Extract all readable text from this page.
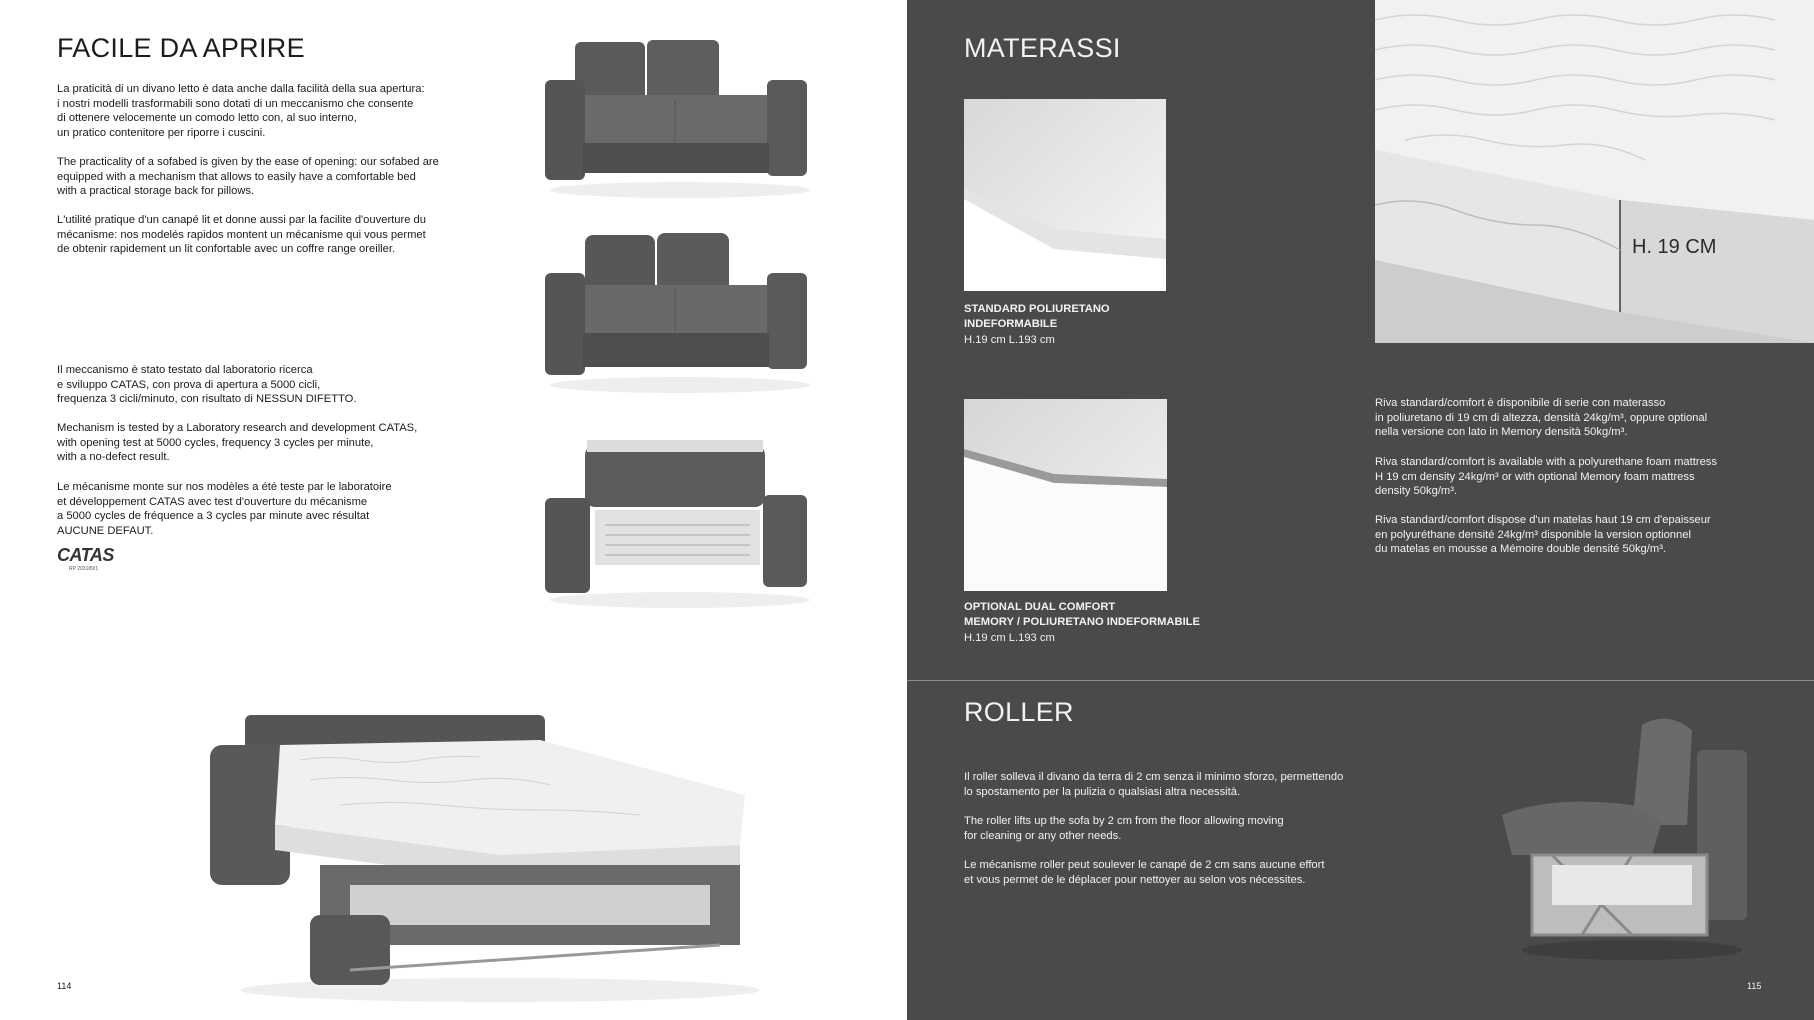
FACILE DA APRIRE
La praticità di un divano letto è data anche dalla facilità della sua apertura:
i nostri modelli trasformabili sono dotati di un meccanismo che consente
di ottenere velocemente un comodo letto con, al suo interno,
un pratico contenitore per riporre i cuscini.
The practicality of a sofabed is given by the ease of opening: our sofabed are
equipped with a mechanism that allows to easily have a comfortable bed
with a practical storage back for pillows.
L'utilité pratique d'un canapé lit et donne aussi par la facilite d'ouverture du
mécanisme: nos modelés rapidos montent un mécanisme qui vous permet
de obtenir rapidement un lit confortable avec un coffre range oreiller.
Il meccanismo è stato testato dal laboratorio ricerca
e sviluppo CATAS, con prova di apertura a 5000 cicli,
frequenza 3 cicli/minuto, con risultato di NESSUN DIFETTO.
Mechanism is tested by a Laboratory research and development CATAS,
with opening test at 5000 cycles, frequency 3 cycles per minute,
with a no-defect result.
Le mécanisme monte sur nos modèles a été teste par le laboratoire
et développement CATAS avec test d'ouverture du mécanisme
a 5000 cycles de fréquence a 3 cycles par minute avec résultat
AUCUNE DEFAUT.
CATAS
RP 203189/1
114
MATERASSI
STANDARD POLIURETANO
INDEFORMABILE
H.19 cm L.193 cm
OPTIONAL DUAL COMFORT
MEMORY / POLIURETANO INDEFORMABILE
H.19 cm L.193 cm
H. 19 CM
Riva standard/comfort è disponibile di serie con materasso
in poliuretano di 19 cm di altezza, densità 24kg/m³, oppure optional
nella versione con lato in Memory densità 50kg/m³.
Riva standard/comfort is available with a polyurethane foam mattress
H 19 cm density 24kg/m³ or with optional Memory foam mattress
density 50kg/m³.
Riva standard/comfort dispose d'un matelas haut 19 cm d'epaisseur
en polyuréthane densité 24kg/m³ disponible la version optionnel
du matelas en mousse a Mémoire double densité 50kg/m³.
ROLLER
Il roller solleva il divano da terra di 2 cm senza il minimo sforzo, permettendo
lo spostamento per la pulizia o qualsiasi altra necessità.
The roller lifts up the sofa by 2 cm from the floor allowing moving
for cleaning or any other needs.
Le mécanisme roller peut soulever le canapé de 2 cm sans aucune effort
et vous permet de le déplacer pour nettoyer au selon vos nécessites.
115
